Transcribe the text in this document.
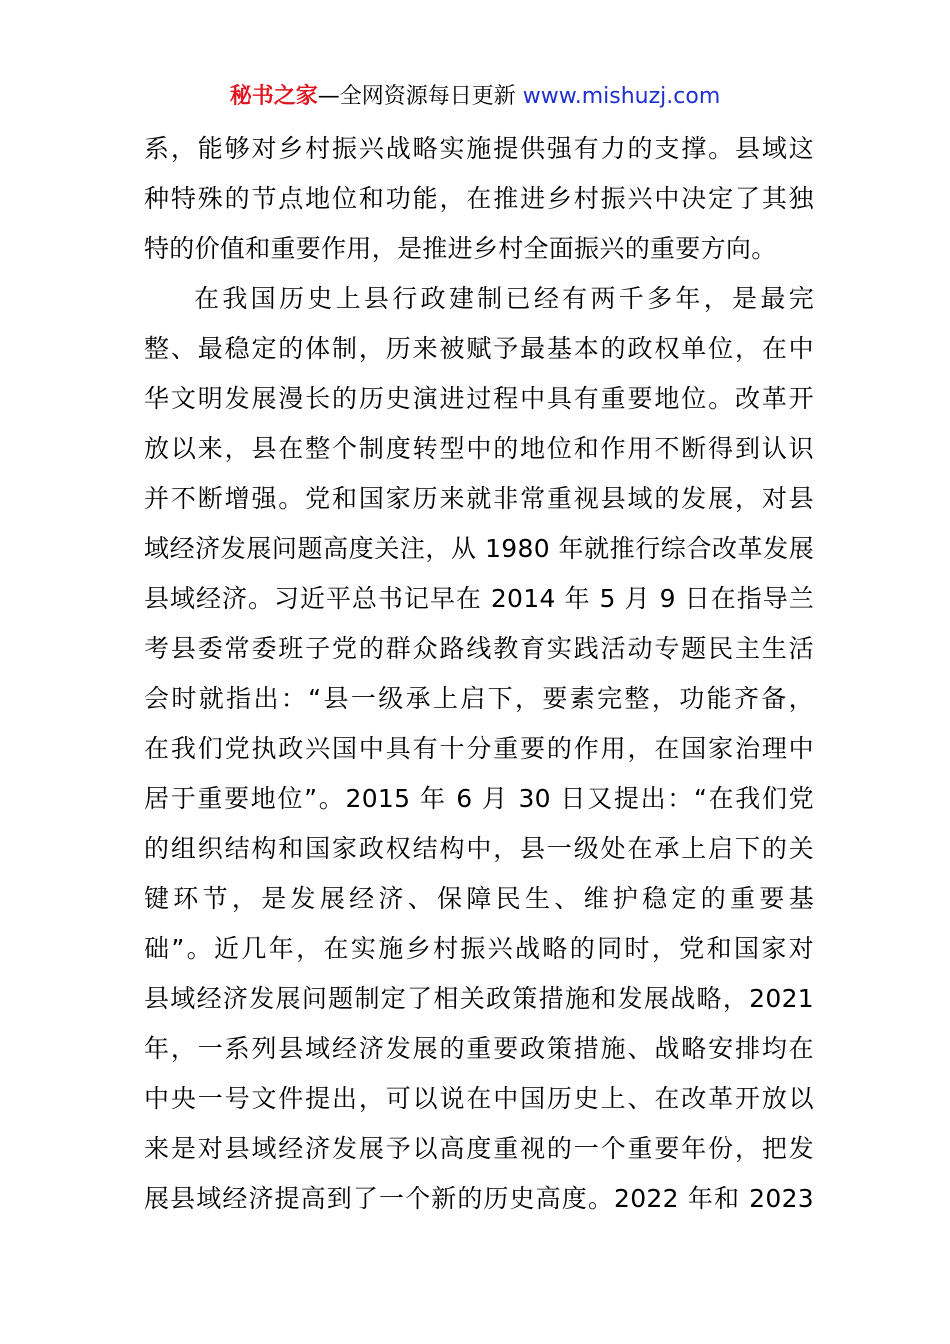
秘书之家—全网资源每日更新 www.mishuzj.com
系，能够对乡村振兴战略实施提供强有力的支撑。县域这
种特殊的节点地位和功能，在推进乡村振兴中决定了其独
特的价值和重要作用，是推进乡村全面振兴的重要方向。
在我国历史上县行政建制已经有两千多年，是最完
整、最稳定的体制，历来被赋予最基本的政权单位，在中
华文明发展漫长的历史演进过程中具有重要地位。改革开
放以来，县在整个制度转型中的地位和作用不断得到认识
并不断增强。党和国家历来就非常重视县域的发展，对县
域经济发展问题高度关注，从 1980 年就推行综合改革发展
县域经济。习近平总书记早在 2014 年 5 月 9 日在指导兰
考县委常委班子党的群众路线教育实践活动专题民主生活
会时就指出：“县一级承上启下，要素完整，功能齐备，
在我们党执政兴国中具有十分重要的作用，在国家治理中
居于重要地位”。2015 年 6 月 30 日又提出：“在我们党
的组织结构和国家政权结构中，县一级处在承上启下的关
键环节，是发展经济、保障民生、维护稳定的重要基
础”。近几年，在实施乡村振兴战略的同时，党和国家对
县域经济发展问题制定了相关政策措施和发展战略，2021
年，一系列县域经济发展的重要政策措施、战略安排均在
中央一号文件提出，可以说在中国历史上、在改革开放以
来是对县域经济发展予以高度重视的一个重要年份，把发
展县域经济提高到了一个新的历史高度。2022 年和 2023
